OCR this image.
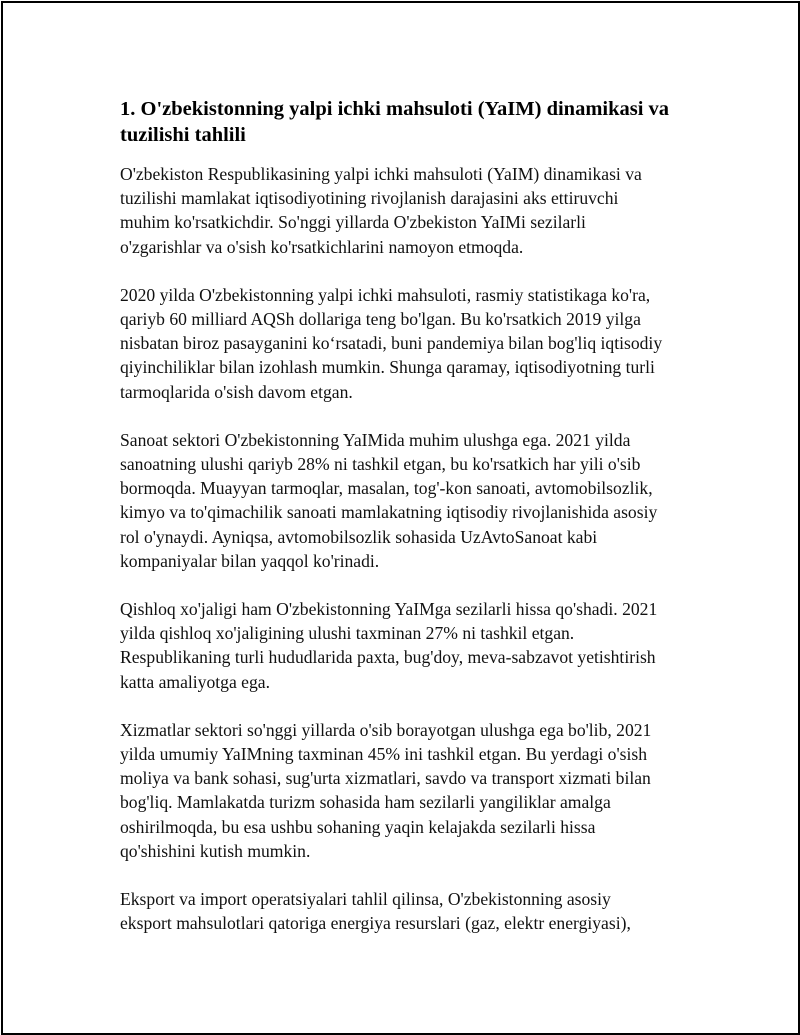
1. O'zbekistonning yalpi ichki mahsuloti (YaIM) dinamikasi va
tuzilishi tahlili

O'zbekiston Respublikasining yalpi ichki mahsuloti (YaIM) dinamikasi va
tuzilishi mamlakat iqtisodiyotining rivojlanish darajasini aks ettiruvchi
muhim ko'rsatkichdir. So'nggi yillarda O'zbekiston YaIMi sezilarli
o'zgarishlar va o'sish ko'rsatkichlarini namoyon etmoqda.

2020 yilda O'zbekistonning yalpi ichki mahsuloti, rasmiy statistikaga ko'ra,
qariyb 60 milliard AQSh dollariga teng bo'lgan. Bu ko'rsatkich 2019 yilga
nisbatan biroz pasayganini ko‘rsatadi, buni pandemiya bilan bog'liq iqtisodiy
qiyinchiliklar bilan izohlash mumkin. Shunga qaramay, iqtisodiyotning turli
tarmoqlarida o'sish davom etgan.

Sanoat sektori O'zbekistonning YaIMida muhim ulushga ega. 2021 yilda
sanoatning ulushi qariyb 28% ni tashkil etgan, bu ko'rsatkich har yili o'sib
bormoqda. Muayyan tarmoqlar, masalan, tog'-kon sanoati, avtomobilsozlik,
kimyo va to'qimachilik sanoati mamlakatning iqtisodiy rivojlanishida asosiy
rol o'ynaydi. Ayniqsa, avtomobilsozlik sohasida UzAvtoSanoat kabi
kompaniyalar bilan yaqqol ko'rinadi.

Qishloq xo'jaligi ham O'zbekistonning YaIMga sezilarli hissa qo'shadi. 2021
yilda qishloq xo'jaligining ulushi taxminan 27% ni tashkil etgan.
Respublikaning turli hududlarida paxta, bug'doy, meva-sabzavot yetishtirish
katta amaliyotga ega.

Xizmatlar sektori so'nggi yillarda o'sib borayotgan ulushga ega bo'lib, 2021
yilda umumiy YaIMning taxminan 45% ini tashkil etgan. Bu yerdagi o'sish
moliya va bank sohasi, sug'urta xizmatlari, savdo va transport xizmati bilan
bog'liq. Mamlakatda turizm sohasida ham sezilarli yangiliklar amalga
oshirilmoqda, bu esa ushbu sohaning yaqin kelajakda sezilarli hissa
qo'shishini kutish mumkin.

Eksport va import operatsiyalari tahlil qilinsa, O'zbekistonning asosiy
eksport mahsulotlari qatoriga energiya resurslari (gaz, elektr energiyasi),
